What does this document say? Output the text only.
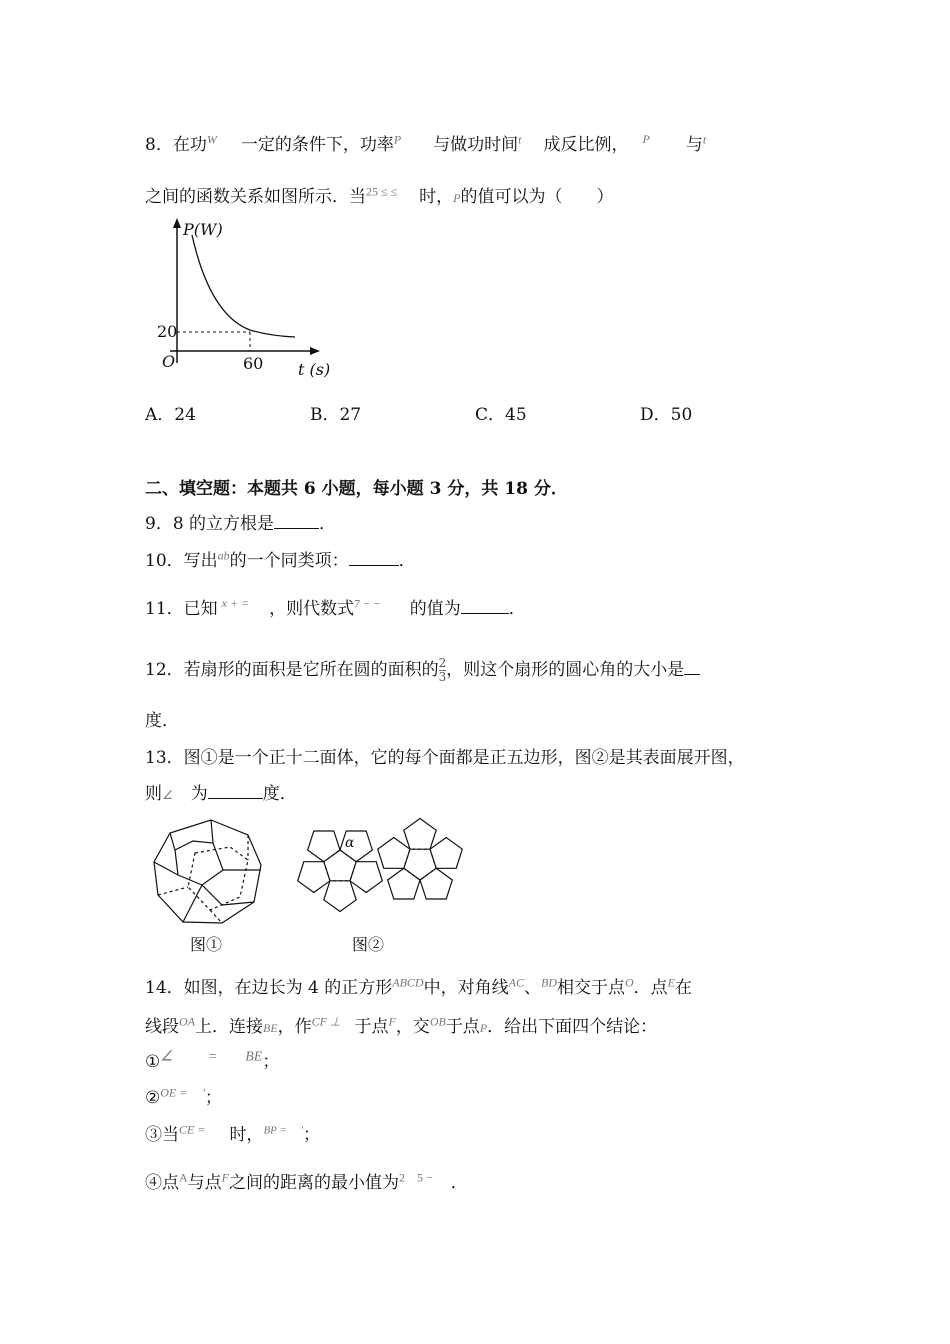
8．在功$^W$ 一定的条件下，功率$^P$ 与做功时间$^t$ 成反比例， $^P$ 与$^t$
之间的函数关系如图所示．当$^{25 \le \le}$ 时，P的值可以为（　　）
P(W)
20
O	60 t (s)
A．24	B．27	C．45	D．50
二、填空题：本题共 6 小题，每小题 3 分，共 18 分．
9．8 的立方根是	．
10．写出$^{ab}$的一个同类项：	．
11．已知 $^{x + =}$ ，则代数式$^{7 - -}$ 的值为	．
12．若扇形的面积是它所在圆的面积的 $\frac{2}{3}$ ，则这个扇形的圆心角的大小是
度．
13．图①是一个正十二面体，它的每个面都是正五边形，图②是其表面展开图，
则∠ 为	度．
α
图①	图②
14．如图，在边长为 4 的正方形$^{ABCD}$中，对角线$^{AC}$、$^{BD}$相交于点$^O$．点$^E$在
线段$^{OA}$上．连接BE，作$^{CF \perp}$ 于点$^F$，交$^{OB}$于点P．给出下面四个结论：
①$^{\angle = BE}$；
②$^{OE = '}$；
③当$^{CE =}$ 时，$^{BP = '}$；
④点$^A$与点$^F$之间的距离的最小值为$^{2 5 -}$ ．
